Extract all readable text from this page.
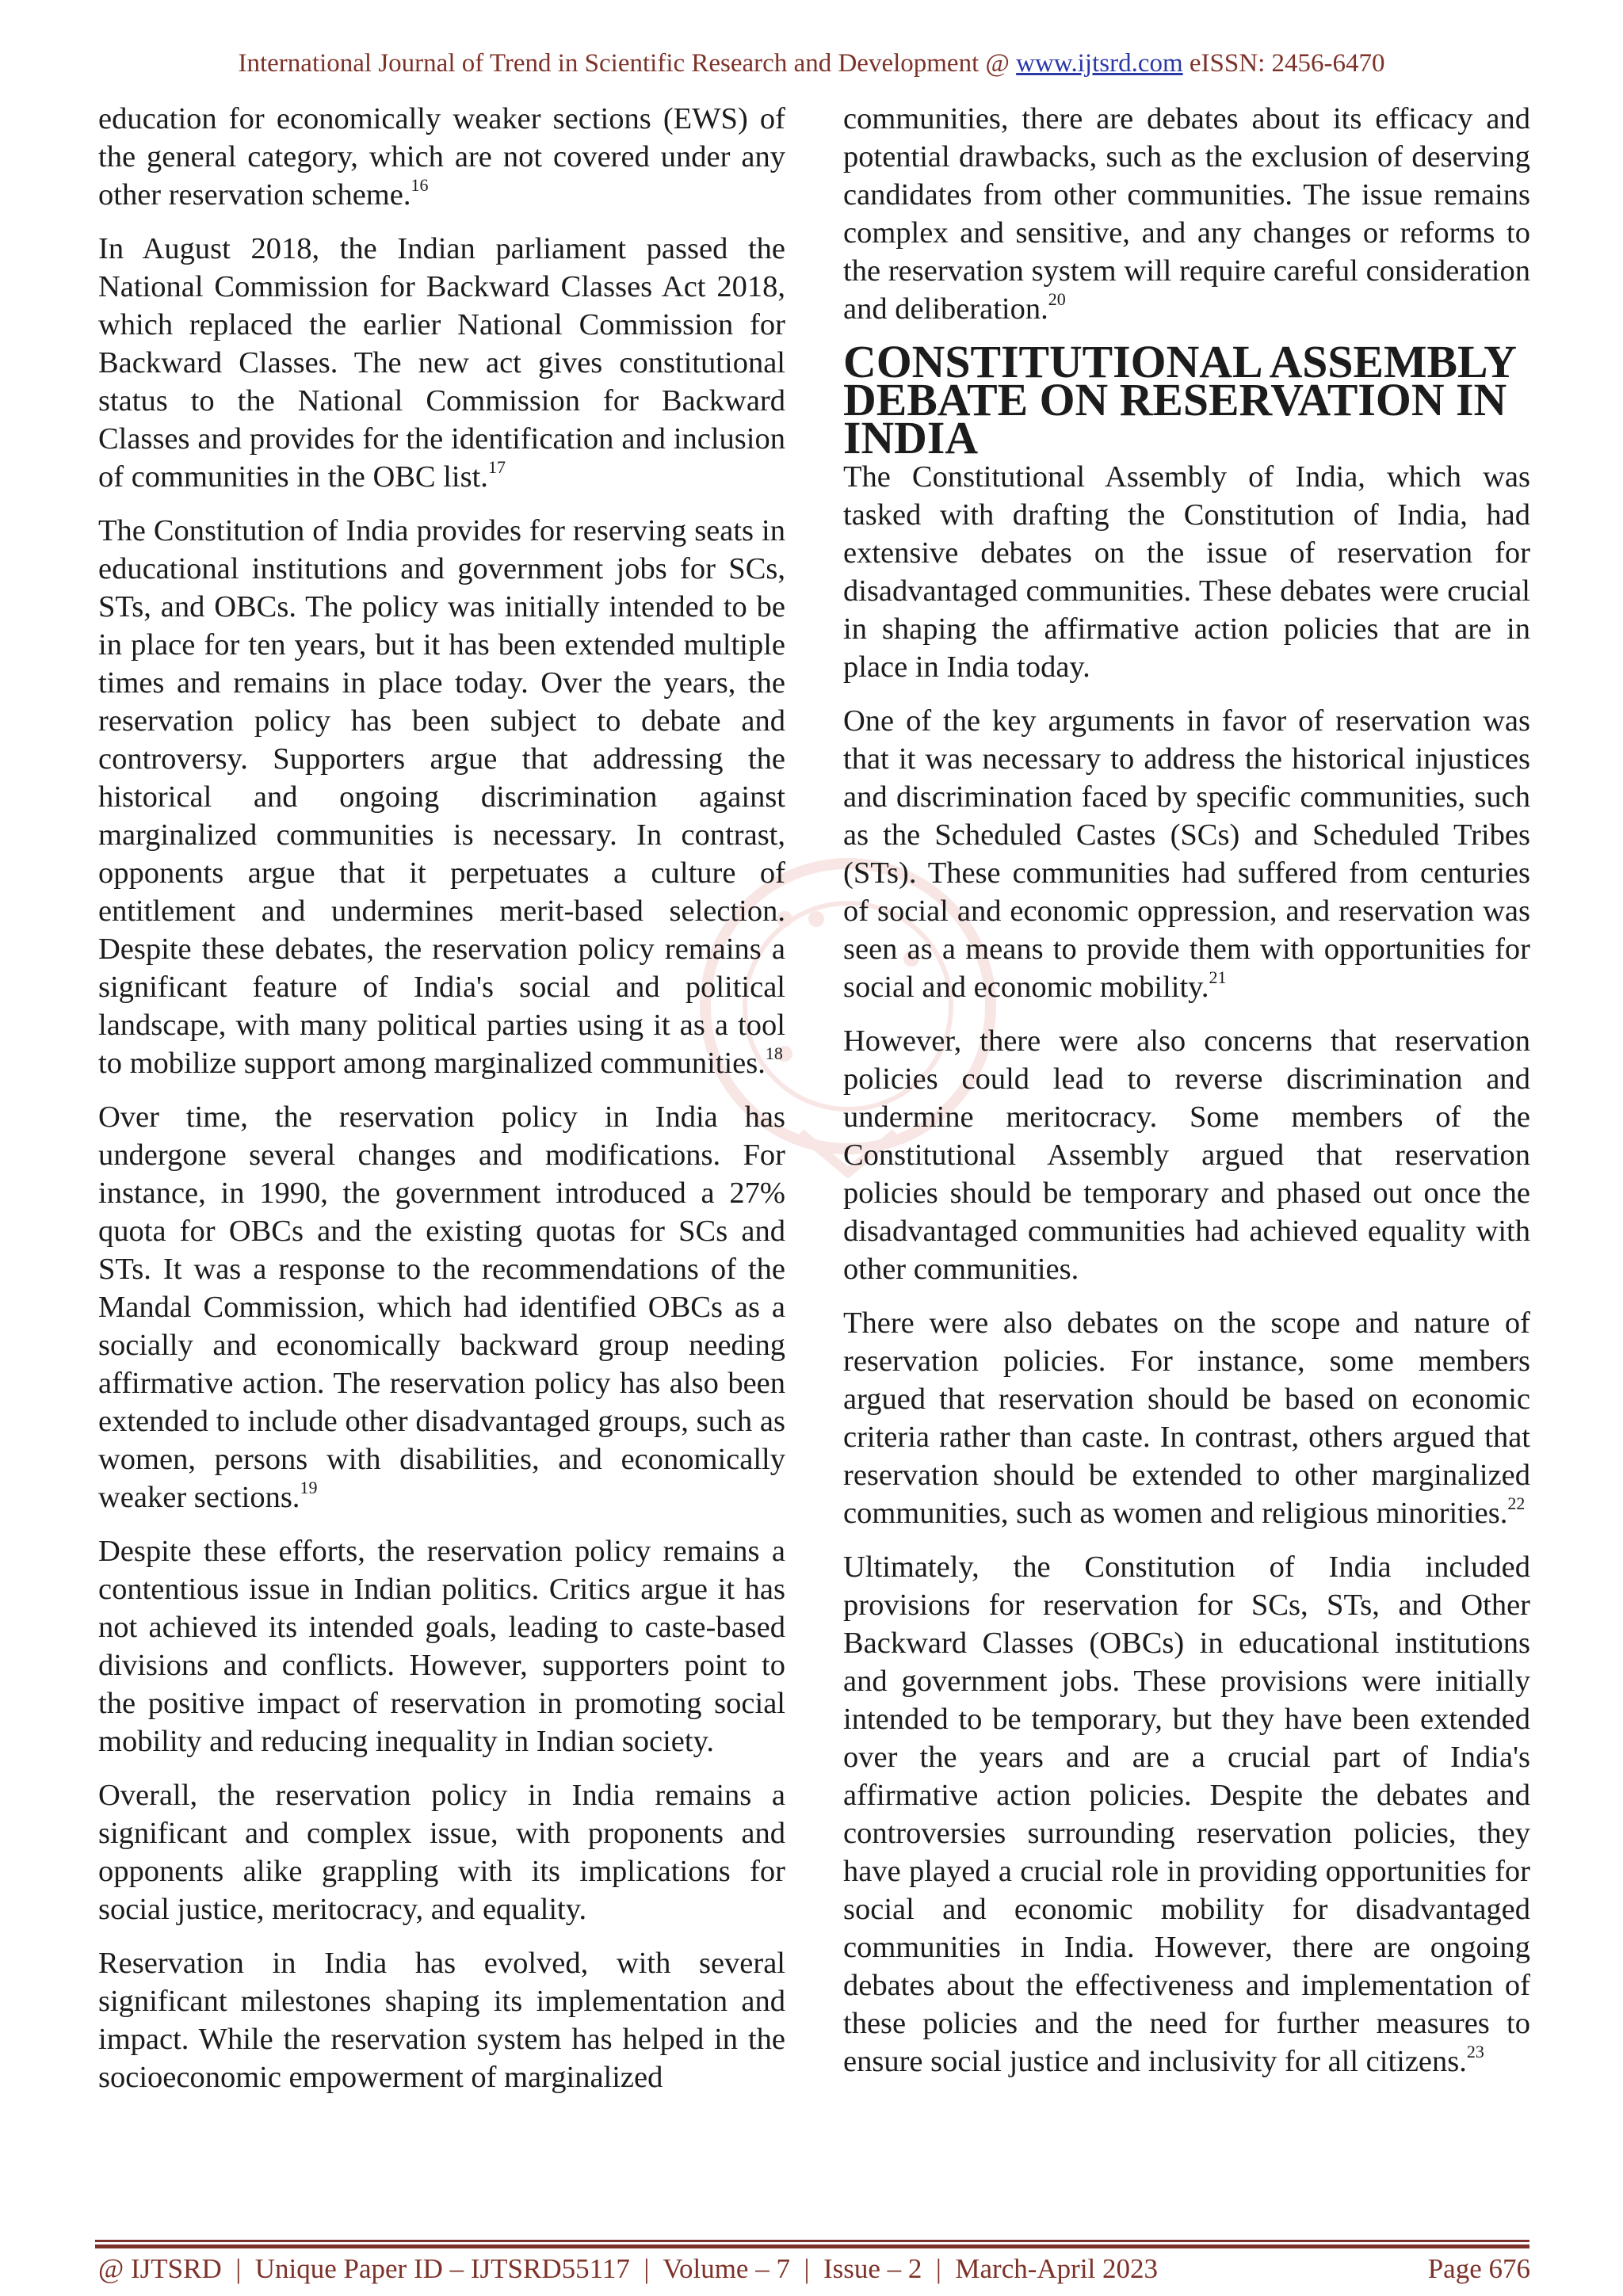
International Journal of Trend in Scientific Research and Development @ www.ijtsrd.com eISSN: 2456-6470

education for economically weaker sections (EWS) of the general category, which are not covered under any other reservation scheme.$^{16}$

In August 2018, the Indian parliament passed the National Commission for Backward Classes Act 2018, which replaced the earlier National Commission for Backward Classes. The new act gives constitutional status to the National Commission for Backward Classes and provides for the identification and inclusion of communities in the OBC list.$^{17}$

The Constitution of India provides for reserving seats in educational institutions and government jobs for SCs, STs, and OBCs. The policy was initially intended to be in place for ten years, but it has been extended multiple times and remains in place today. Over the years, the reservation policy has been subject to debate and controversy. Supporters argue that addressing the historical and ongoing discrimination against marginalized communities is necessary. In contrast, opponents argue that it perpetuates a culture of entitlement and undermines merit-based selection. Despite these debates, the reservation policy remains a significant feature of India's social and political landscape, with many political parties using it as a tool to mobilize support among marginalized communities.$^{18}$

Over time, the reservation policy in India has undergone several changes and modifications. For instance, in 1990, the government introduced a 27% quota for OBCs and the existing quotas for SCs and STs. It was a response to the recommendations of the Mandal Commission, which had identified OBCs as a socially and economically backward group needing affirmative action. The reservation policy has also been extended to include other disadvantaged groups, such as women, persons with disabilities, and economically weaker sections.$^{19}$

Despite these efforts, the reservation policy remains a contentious issue in Indian politics. Critics argue it has not achieved its intended goals, leading to caste-based divisions and conflicts. However, supporters point to the positive impact of reservation in promoting social mobility and reducing inequality in Indian society.

Overall, the reservation policy in India remains a significant and complex issue, with proponents and opponents alike grappling with its implications for social justice, meritocracy, and equality.

Reservation in India has evolved, with several significant milestones shaping its implementation and impact. While the reservation system has helped in the socioeconomic empowerment of marginalized

communities, there are debates about its efficacy and potential drawbacks, such as the exclusion of deserving candidates from other communities. The issue remains complex and sensitive, and any changes or reforms to the reservation system will require careful consideration and deliberation.$^{20}$

CONSTITUTIONAL ASSEMBLY DEBATE ON RESERVATION IN INDIA

The Constitutional Assembly of India, which was tasked with drafting the Constitution of India, had extensive debates on the issue of reservation for disadvantaged communities. These debates were crucial in shaping the affirmative action policies that are in place in India today.

One of the key arguments in favor of reservation was that it was necessary to address the historical injustices and discrimination faced by specific communities, such as the Scheduled Castes (SCs) and Scheduled Tribes (STs). These communities had suffered from centuries of social and economic oppression, and reservation was seen as a means to provide them with opportunities for social and economic mobility.$^{21}$

However, there were also concerns that reservation policies could lead to reverse discrimination and undermine meritocracy. Some members of the Constitutional Assembly argued that reservation policies should be temporary and phased out once the disadvantaged communities had achieved equality with other communities.

There were also debates on the scope and nature of reservation policies. For instance, some members argued that reservation should be based on economic criteria rather than caste. In contrast, others argued that reservation should be extended to other marginalized communities, such as women and religious minorities.$^{22}$

Ultimately, the Constitution of India included provisions for reservation for SCs, STs, and Other Backward Classes (OBCs) in educational institutions and government jobs. These provisions were initially intended to be temporary, but they have been extended over the years and are a crucial part of India's affirmative action policies. Despite the debates and controversies surrounding reservation policies, they have played a crucial role in providing opportunities for social and economic mobility for disadvantaged communities in India. However, there are ongoing debates about the effectiveness and implementation of these policies and the need for further measures to ensure social justice and inclusivity for all citizens.$^{23}$

@ IJTSRD  |  Unique Paper ID – IJTSRD55117  |  Volume – 7  |  Issue – 2  |  March-April 2023	Page 676
